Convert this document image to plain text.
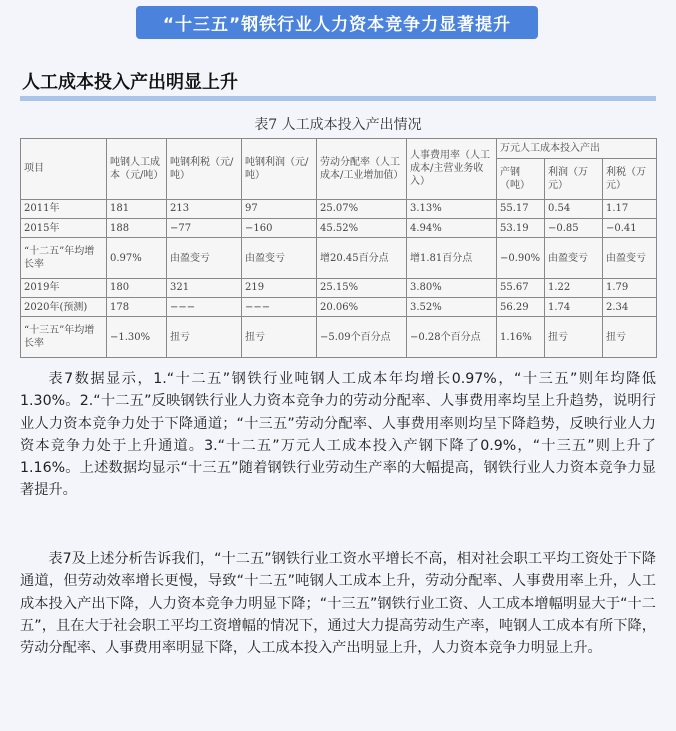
“十三五”钢铁行业人力资本竞争力显著提升
人工成本投入产出明显上升
表7 人工成本投入产出情况
项目	吨钢人工成本（元/吨）	吨钢利税（元/吨）	吨钢利润（元/吨）	劳动分配率（人工成本/工业增加值）	人事费用率（人工成本/主营业务收入）	万元人工成本投入产出		
						产钢（吨）	利润（万元）	利税（万元）
2011年	181	213	97	25.07%	3.13%	55.17	0.54	1.17
2015年	188	−77	−160	45.52%	4.94%	53.19	−0.85	−0.41
“十二五”年均增长率	0.97%	由盈变亏	由盈变亏	增20.45百分点	增1.81百分点	−0.90%	由盈变亏	由盈变亏
2019年	180	321	219	25.15%	3.80%	55.67	1.22	1.79
2020年(预测)	178	−−−	−−−	20.06%	3.52%	56.29	1.74	2.34
“十三五”年均增长率	−1.30%	扭亏	扭亏	−5.09个百分点	−0.28个百分点	1.16%	扭亏	扭亏

表7数据显示，1.“十二五”钢铁行业吨钢人工成本年均增长0.97%，“十三五”则年均降低1.30%。2.“十二五”反映钢铁行业人力资本竞争力的劳动分配率、人事费用率均呈上升趋势，说明行业人力资本竞争力处于下降通道；“十三五”劳动分配率、人事费用率则均呈下降趋势，反映行业人力资本竞争力处于上升通道。3.“十二五”万元人工成本投入产钢下降了0.9%，“十三五”则上升了1.16%。上述数据均显示“十三五”随着钢铁行业劳动生产率的大幅提高，钢铁行业人力资本竞争力显著提升。

表7及上述分析告诉我们，“十二五”钢铁行业工资水平增长不高，相对社会职工平均工资处于下降通道，但劳动效率增长更慢，导致“十二五”吨钢人工成本上升，劳动分配率、人事费用率上升，人工成本投入产出下降，人力资本竞争力明显下降；“十三五”钢铁行业工资、人工成本增幅明显大于“十二五”，且在大于社会职工平均工资增幅的情况下，通过大力提高劳动生产率，吨钢人工成本有所下降，劳动分配率、人事费用率明显下降，人工成本投入产出明显上升，人力资本竞争力明显上升。
